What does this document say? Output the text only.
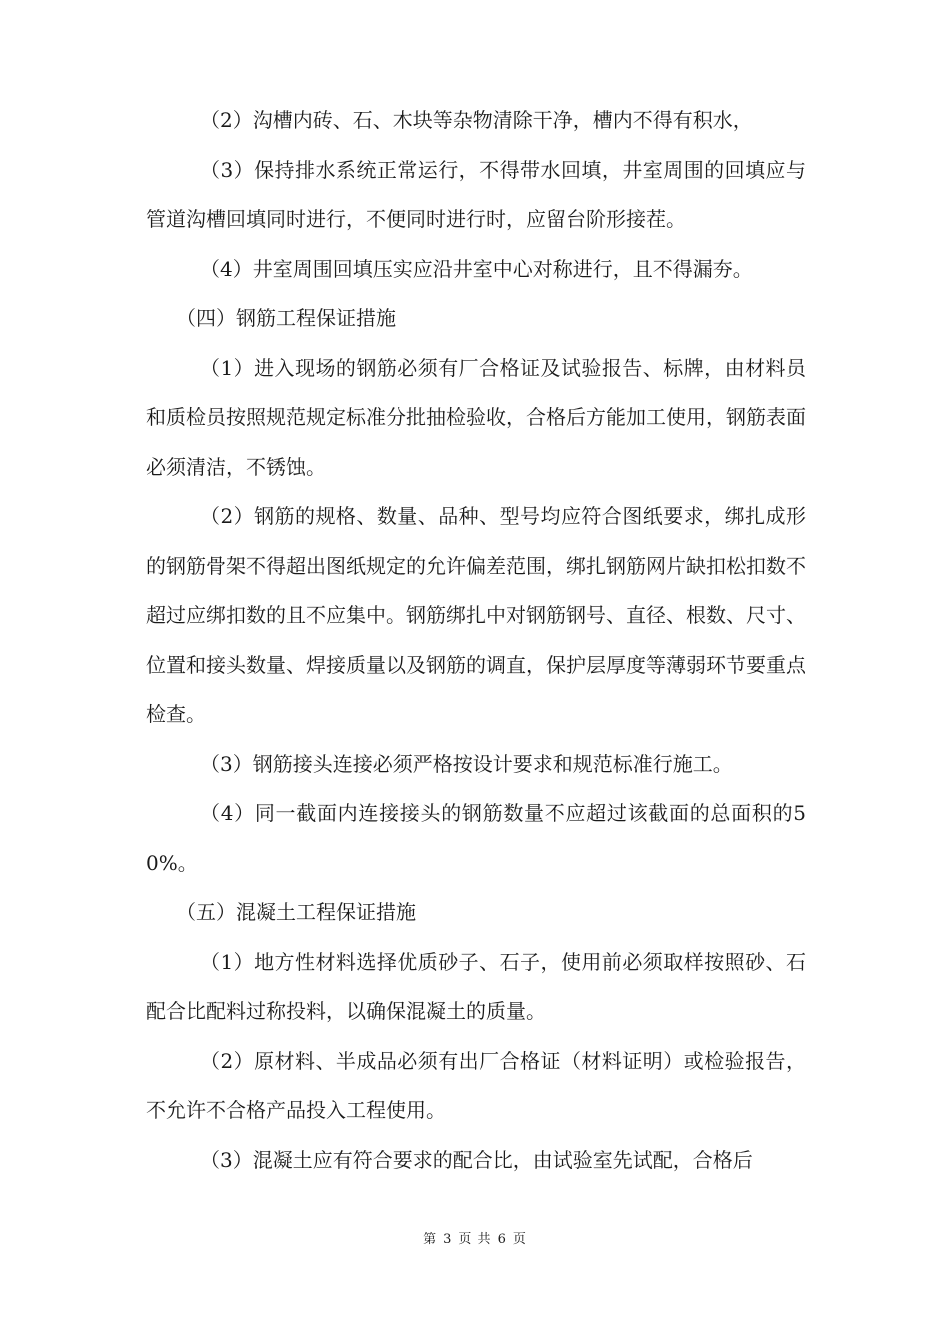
（2）沟槽内砖、石、木块等杂物清除干净，槽内不得有积水，

（3）保持排水系统正常运行，不得带水回填，井室周围的回填应与管道沟槽回填同时进行，不便同时进行时，应留台阶形接茬。

（4）井室周围回填压实应沿井室中心对称进行，且不得漏夯。

（四）钢筋工程保证措施

（1）进入现场的钢筋必须有厂合格证及试验报告、标牌，由材料员和质检员按照规范规定标准分批抽检验收，合格后方能加工使用，钢筋表面必须清洁，不锈蚀。

（2）钢筋的规格、数量、品种、型号均应符合图纸要求，绑扎成形的钢筋骨架不得超出图纸规定的允许偏差范围，绑扎钢筋网片缺扣松扣数不超过应绑扣数的且不应集中。钢筋绑扎中对钢筋钢号、直径、根数、尺寸、位置和接头数量、焊接质量以及钢筋的调直，保护层厚度等薄弱环节要重点检查。

（3）钢筋接头连接必须严格按设计要求和规范标准行施工。

（4）同一截面内连接接头的钢筋数量不应超过该截面的总面积的50%。

（五）混凝土工程保证措施

（1）地方性材料选择优质砂子、石子，使用前必须取样按照砂、石配合比配料过称投料，以确保混凝土的质量。

（2）原材料、半成品必须有出厂合格证（材料证明）或检验报告，不允许不合格产品投入工程使用。

（3）混凝土应有符合要求的配合比，由试验室先试配，合格后

第 3 页 共 6 页
